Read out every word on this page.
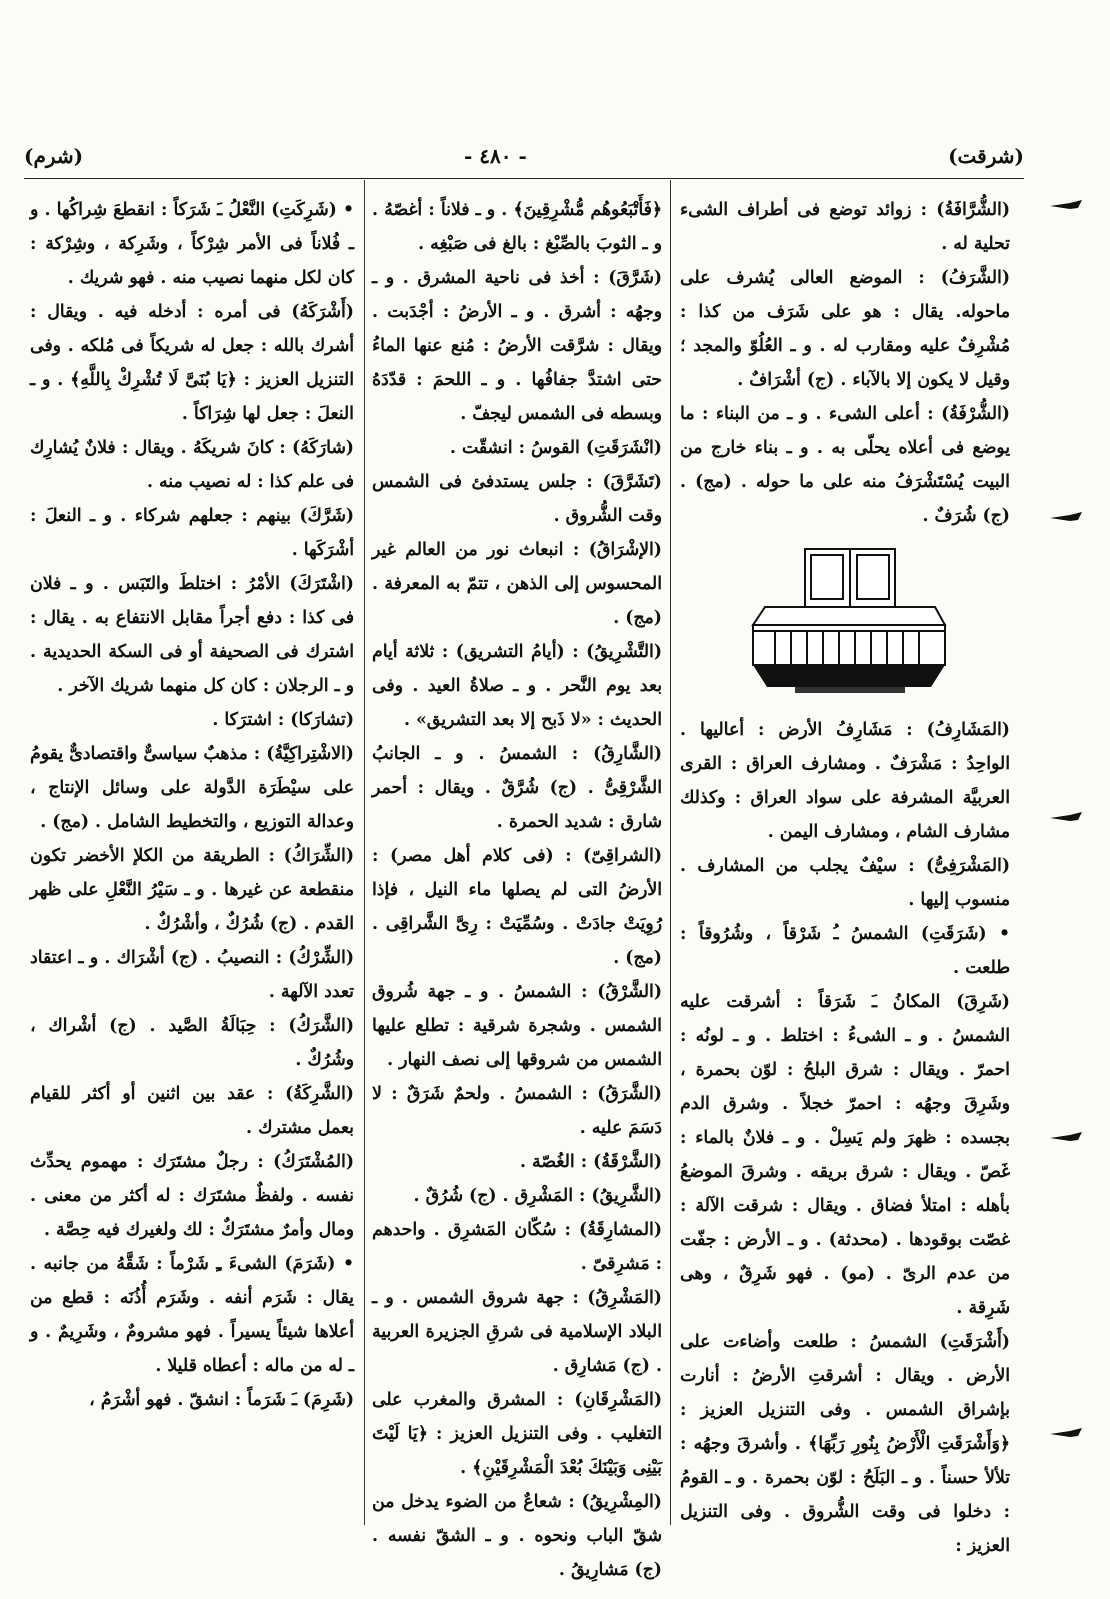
(شرقت)
- ٤٨٠ -
(شرم)

(الشُّرَّافَةُ) : زوائد توضع فى أطراف الشىء تحلية له .

(الشَّرَفُ) : الموضع العالى يُشرف على ماحوله. يقال : هو على شَرَف من كذا : مُشْرِفٌ عليه ومقارب له . و ـ العُلُوّ والمجد ؛ وقيل لا يكون إلا بالآباء . (ج) أشْرَافٌ .

(الشُّرْفَةُ) : أعلى الشىء . و ـ من البناء : ما يوضع فى أعلاه يحلّى به . و ـ بناء خارج من البيت يُسْتَشْرَفُ منه على ما حوله . (مج) . (ج) شُرَفٌ .

(المَشَارِفُ) : مَشَارِفُ الأرض : أعاليها . الواحِدُ : مَشْرَفٌ . ومشارف العراق : القرى العربيَّة المشرفة على سواد العراق : وكذلك مشارف الشام ، ومشارف اليمن .

(المَشْرَفِىُّ) : سيْفٌ يجلب من المشارف . منسوب إليها .

• (شَرَقَتِ) الشمسُ ـُ شَرْقاً ، وشُرُوقاً : طلعت .

(شَرِقَ) المكانُ ـَ شَرَقاً : أشرقت عليه الشمسُ . و ـ الشىءُ : اختلط . و ـ لونُه : احمرّ . ويقال : شرق البلحُ : لوّن بحمرة ، وشَرِقَ وجهُه : احمرّ خجلاً . وشرق الدم بجسده : ظهرَ ولم يَسِلْ . و ـ فلانٌ بالماء : غَصّ . ويقال : شرق بريقه . وشرقَ الموضعُ بأهله : امتلأ فضاق . ويقال : شرقت الآلة : غصّت بوقودها . (محدثة) . و ـ الأرض : جفّت من عدم الرىّ . (مو) . فهو شَرِقٌ ، وهى شَرِقة .

(أَشْرَقَتِ) الشمسُ : طلعت وأضاءت على الأرض . ويقال : أشرقتِ الأرضُ : أنارت بإشراق الشمس . وفى التنزيل العزيز : ﴿وَأَشْرَقَتِ الْأَرْضُ بِنُورِ رَبِّهَا﴾ . وأشرقَ وجهُه : تلألأ حسناً . و ـ البَلَحُ : لوّن بحمرة . و ـ القومُ : دخلوا فى وقت الشُّروق . وفى التنزيل العزيز :

﴿فَأَتْبَعُوهُم مُّشْرِقِينَ﴾ . و ـ فلاناً : أغصّهُ . و ـ الثوبَ بالصِّبْغ : بالغ فى صَبْغِه .

(شَرَّقَ) : أخذ فى ناحية المشرق . و ـ وجهُه : أشرق . و ـ الأرضُ : أجْدَبت . ويقال : شرَّقت الأرضُ : مُنع عنها الماءُ حتى اشتدَّ جفافُها . و ـ اللحمَ : قدّدَهُ وبسطه فى الشمس ليجفّ .

(انْشَرَقَتِ) القوسُ : انشقّت .

(تَشَرَّقَ) : جلس يستدفئ فى الشمس وقت الشُّروق .

(الإشْرَاقُ) : انبعاث نور من العالم غير المحسوس إلى الذهن ، تتمّ به المعرفة . (مج) .

(التَّشْرِيقُ) : (أيامُ التشريق) : ثلاثة أيام بعد يوم النَّحر . و ـ صلاةُ العيد . وفى الحديث : «لا ذَبح إلا بعد التشريق» .

(الشَّارِقُ) : الشمسُ . و ـ الجانبُ الشَّرْقِىُّ . (ج) شُرَّقٌ . ويقال : أحمر شارق : شديد الحمرة .

(الشراقِىّ) : (فى كلام أهل مصر) : الأرضُ التى لم يصلها ماء النيل ، فإذا رُوِيَتْ جادَتْ . وسُمِّيَتْ : رِىَّ الشَّراقِى . (مج) .

(الشَّرْقُ) : الشمسُ . و ـ جهة شُروق الشمس . وشجرة شرقية : تطلع عليها الشمس من شروقها إلى نصف النهار .

(الشَّرَقُ) : الشمسُ . ولحمٌ شَرَقٌ : لا دَسَمَ عليه .

(الشَّرْقَةُ) : الغُصّة .

(الشَّرِيقُ) : المَشْرِق . (ج) شُرُقٌ .

(المشارِقَةُ) : سُكّان المَشرِق . واحدهم : مَشرِقىّ .

(المَشْرِقُ) : جهة شروق الشمس . و ـ البلاد الإسلامية فى شرقِ الجزيرة العربية . (ج) مَشارِق .

(المَشْرِقَانِ) : المشرق والمغرب على التغليب . وفى التنزيل العزيز : ﴿يَا لَيْتَ بَيْنِى وَبَيْنَكَ بُعْدَ الْمَشْرِقَيْنِ﴾ .

(المِشْرِيقُ) : شعاعٌ من الضوء يدخل من شقّ الباب ونحوه . و ـ الشقّ نفسه . (ج) مَشارِيقُ .

• (شَرِكَتِ) النَّعْلُ ـَ شَرَكاً : انقطعَ شِراكُها . و ـ فُلاناً فى الأمر شِرْكاً ، وشَرِكة ، وشِرْكة : كان لكل منهما نصيب منه . فهو شريك .

(أَشْرَكَهُ) فى أمره : أدخله فيه . ويقال : أشرك بالله : جعل له شريكاً فى مُلكه . وفى التنزيل العزيز : ﴿يَا بُنَىَّ لَا تُشْرِكْ بِاللَّهِ﴾ . و ـ النعلَ : جعل لها شِرَاكاً .

(شارَكَهُ) : كانَ شريكَهُ . ويقال : فلانٌ يُشارِك فى علم كذا : له نصيب منه .

(شَرَّكَ) بينهم : جعلهم شركاء . و ـ النعلَ : أشْرَكَها .

(اشْتَرَكَ) الأمْرُ : اختلطَ والتَبَس . و ـ فلان فى كذا : دفع أجراً مقابل الانتفاع به . يقال : اشترك فى الصحيفة أو فى السكة الحديدية . و ـ الرجلان : كان كل منهما شريك الآخر .

(تشارَكا) : اشترَكا .

(الاشْتِراكِيَّةُ) : مذهبٌ سياسىٌّ واقتصادىٌّ يقومُ على سيْطَرَة الدَّولة على وسائل الإنتاج ، وعدالة التوزيع ، والتخطيط الشامل . (مج) .

(الشِّرَاكُ) : الطريقة من الكلإ الأخضر تكون منقطعة عن غيرها . و ـ سَيْرُ النَّعْلِ على ظهر القدم . (ج) شُرُكٌ ، وأشْرُكٌ .

(الشِّرْكُ) : النصيبُ . (ج) أشْرَاك . و ـ اعتقاد تعدد الآلهة .

(الشَّرَكُ) : حِبَالَةُ الصَّيد . (ج) أشْراك ، وشُرُكٌ .

(الشَّرِكَةُ) : عقد بين اثنين أو أكثر للقيام بعمل مشترك .

(المُشْتَرَكُ) : رجلٌ مشتَرَك : مهموم يحدِّث نفسه . ولفظٌ مشتَرَك : له أكثر من معنى . ومال وأمرٌ مشتَرَكٌ : لك ولغيرك فيه حِصَّة .

• (شَرَمَ) الشىءَ ـِ شَرْماً : شَقَّهُ من جانبه . يقال : شَرَم أنفه . وشَرَم أُذُنَه : قطع من أعلاها شيئاً يسيراً . فهو مشرومٌ ، وشَرِيمٌ . و ـ له من ماله : أعطاه قليلا .

(شَرِمَ) ـَ شَرَماً : انشقّ . فهو أشْرَمُ ،
